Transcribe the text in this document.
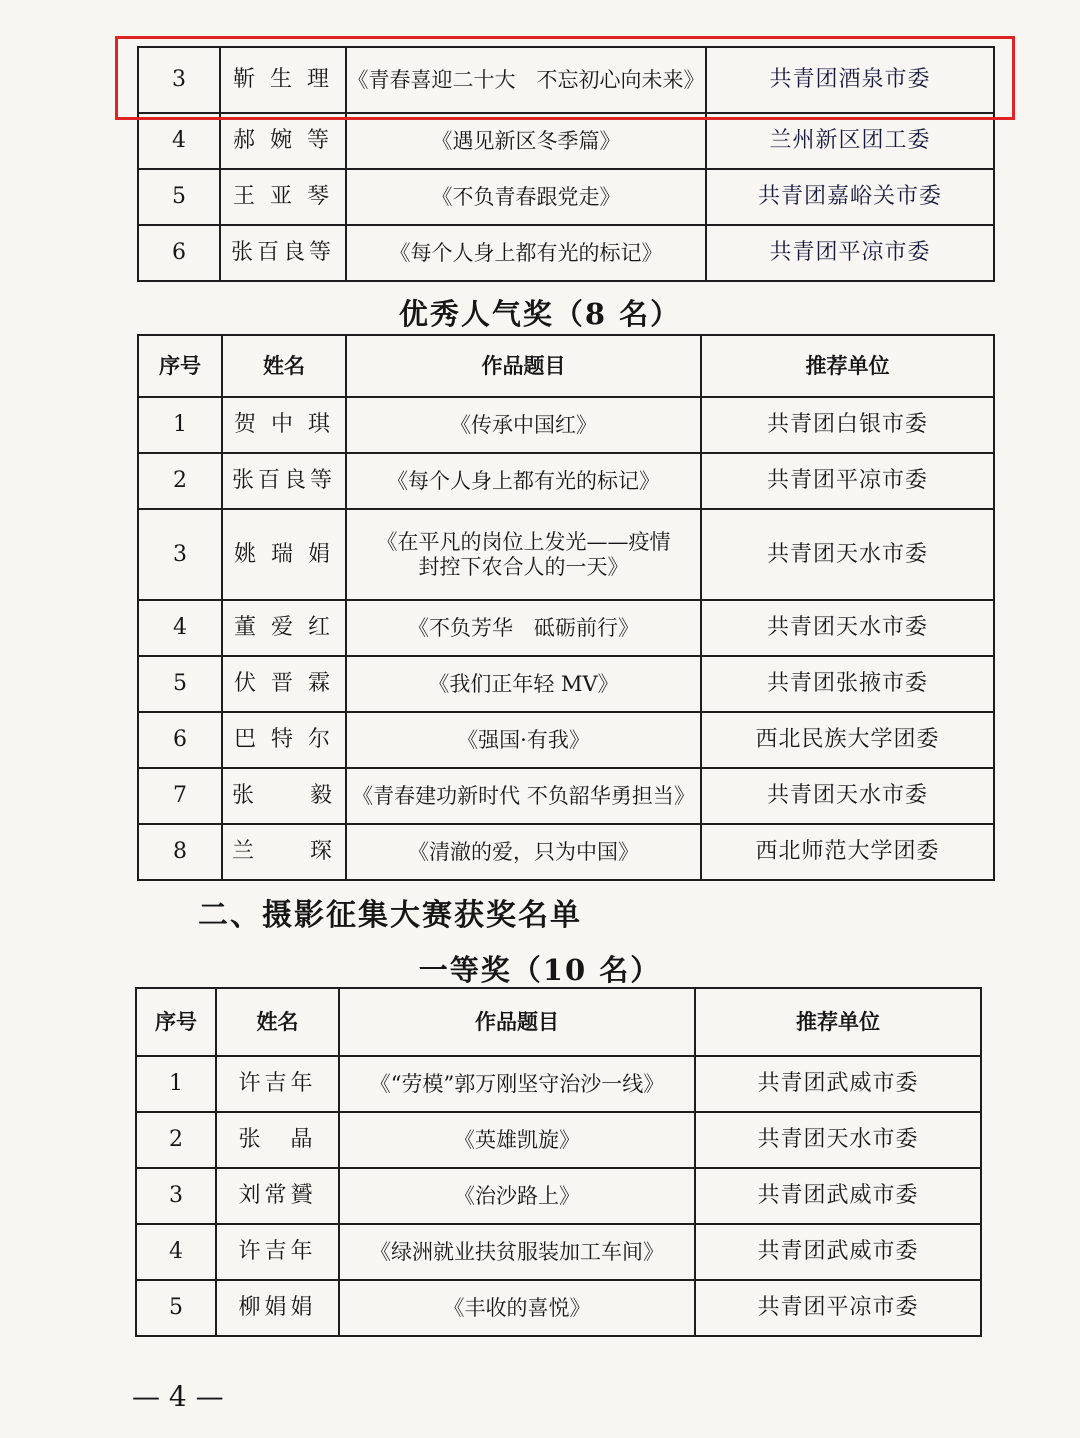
3	靳 生 理	《青春喜迎二十大　不忘初心向未来》	共青团酒泉市委
4	郝 婉 等	《遇见新区冬季篇》	兰州新区团工委
5	王 亚 琴	《不负青春跟党走》	共青团嘉峪关市委
6	张百良等	《每个人身上都有光的标记》	共青团平凉市委
优秀人气奖（8 名）
序号	姓名	作品题目	推荐单位
1	贺 中 琪	《传承中国红》	共青团白银市委
2	张百良等	《每个人身上都有光的标记》	共青团平凉市委
3	姚 瑞 娟	《在平凡的岗位上发光——疫情
封控下农合人的一天》	共青团天水市委
4	董 爱 红	《不负芳华　砥砺前行》	共青团天水市委
5	伏 晋 霖	《我们正年轻 MV》	共青团张掖市委
6	巴 特 尔	《强国·有我》	西北民族大学团委
7	张　　毅	《青春建功新时代 不负韶华勇担当》	共青团天水市委
8	兰　　琛	《清澈的爱，只为中国》	西北师范大学团委
二、摄影征集大赛获奖名单
一等奖（10 名）
序号	姓名	作品题目	推荐单位
1	许吉年	《“劳模”郭万刚坚守治沙一线》	共青团武威市委
2	张　晶	《英雄凯旋》	共青团天水市委
3	刘常贇	《治沙路上》	共青团武威市委
4	许吉年	《绿洲就业扶贫服装加工车间》	共青团武威市委
5	柳娟娟	《丰收的喜悦》	共青团平凉市委
— 4 —
